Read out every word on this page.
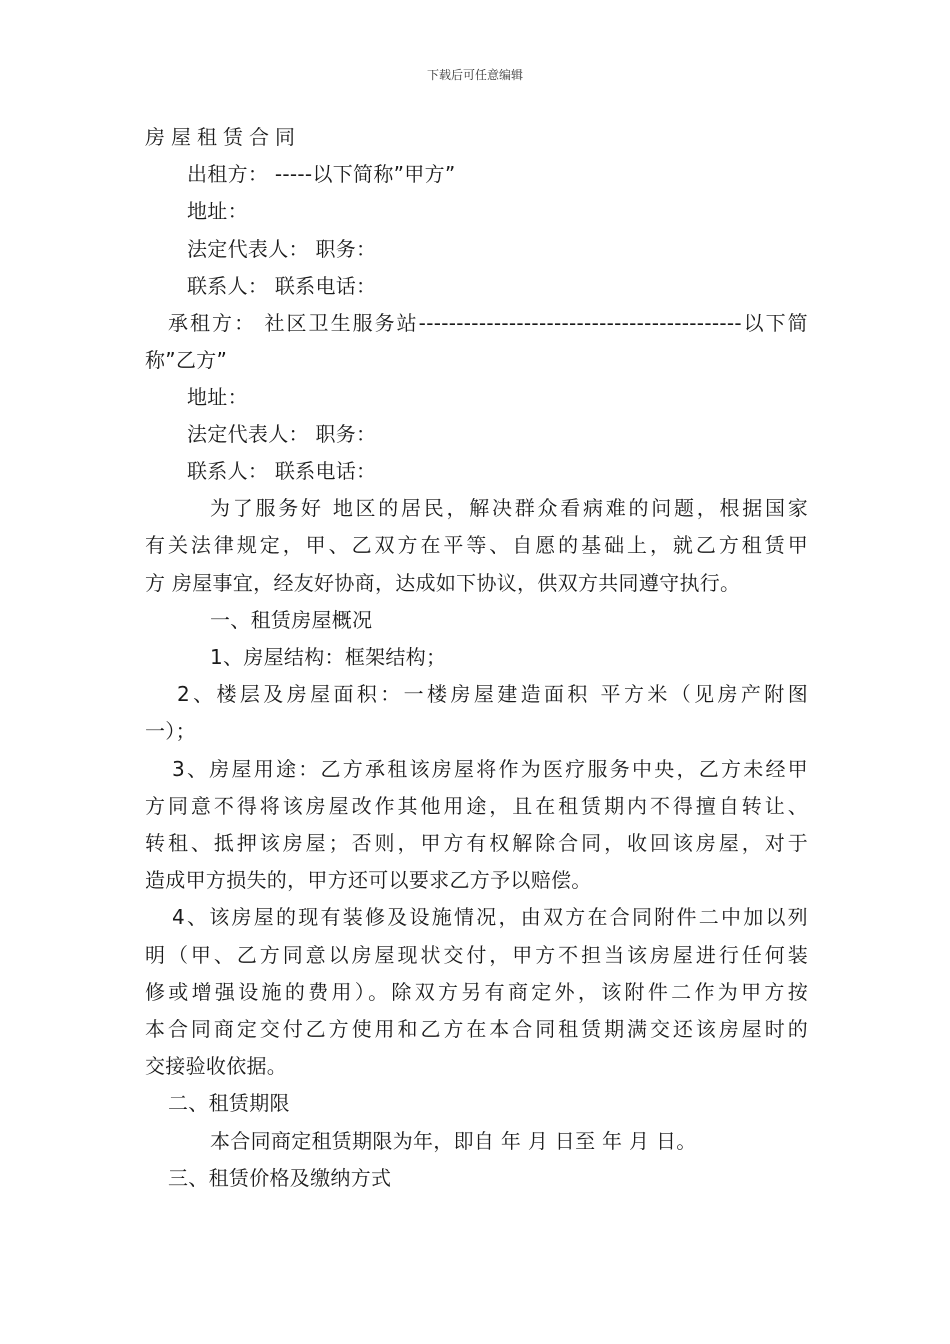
下载后可任意编辑
房屋租赁合同
出租方： -----以下简称”甲方”
地址：
法定代表人： 职务：
联系人： 联系电话：
承租方： 社区卫生服务站-------------------------------------------以下简
称”乙方”
地址：
法定代表人： 职务：
联系人： 联系电话：
为了服务好 地区的居民，解决群众看病难的问题，根据国家
有关法律规定，甲、乙双方在平等、自愿的基础上，就乙方租赁甲
方 房屋事宜，经友好协商，达成如下协议，供双方共同遵守执行。
一、租赁房屋概况
1、房屋结构：框架结构；
2、楼层及房屋面积：一楼房屋建造面积 平方米（见房产附图
一）；
3、房屋用途：乙方承租该房屋将作为医疗服务中央，乙方未经甲
方同意不得将该房屋改作其他用途，且在租赁期内不得擅自转让、
转租、抵押该房屋；否则，甲方有权解除合同，收回该房屋，对于
造成甲方损失的，甲方还可以要求乙方予以赔偿。
4、该房屋的现有装修及设施情况，由双方在合同附件二中加以列
明（甲、乙方同意以房屋现状交付，甲方不担当该房屋进行任何装
修或增强设施的费用）。除双方另有商定外，该附件二作为甲方按
本合同商定交付乙方使用和乙方在本合同租赁期满交还该房屋时的
交接验收依据。
二、租赁期限
本合同商定租赁期限为年，即自 年 月 日至 年 月 日。
三、租赁价格及缴纳方式
